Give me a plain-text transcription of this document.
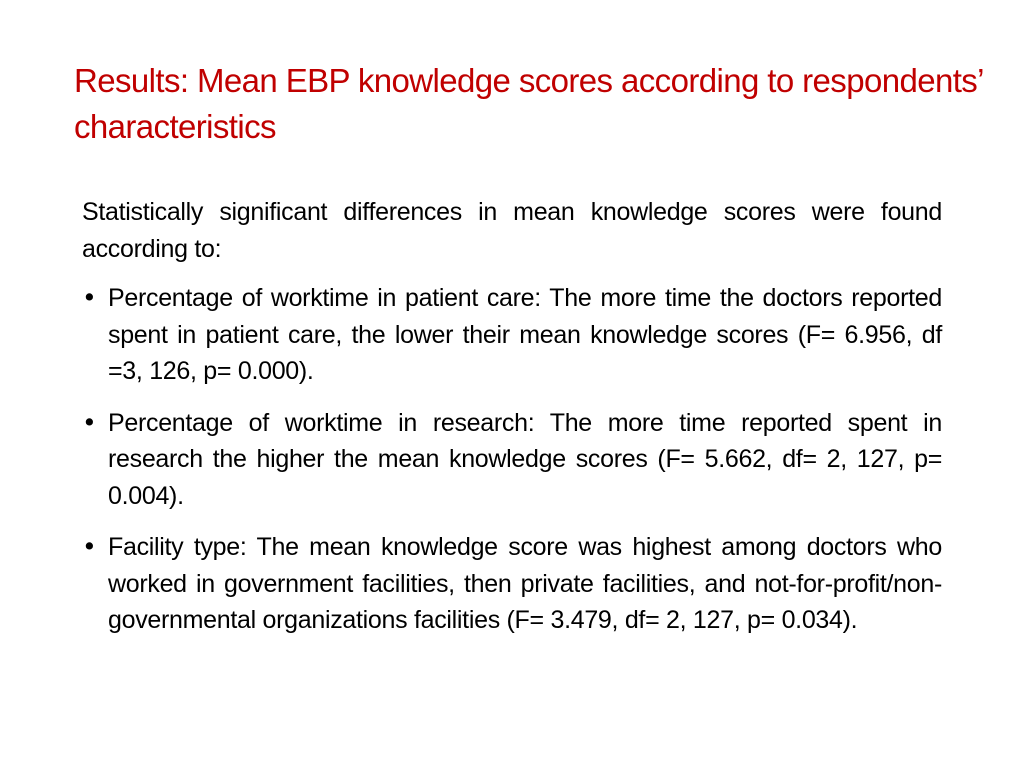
Results: Mean EBP knowledge scores according to respondents’ characteristics

Statistically significant differences in mean knowledge scores were found according to:

• Percentage of worktime in patient care: The more time the doctors reported spent in patient care, the lower their mean knowledge scores (F= 6.956, df =3, 126, p= 0.000).
• Percentage of worktime in research: The more time reported spent in research the higher the mean knowledge scores (F= 5.662, df= 2, 127, p= 0.004).
• Facility type: The mean knowledge score was highest among doctors who worked in government facilities, then private facilities, and not-for-profit/non-governmental organizations facilities (F= 3.479, df= 2, 127, p= 0.034).
